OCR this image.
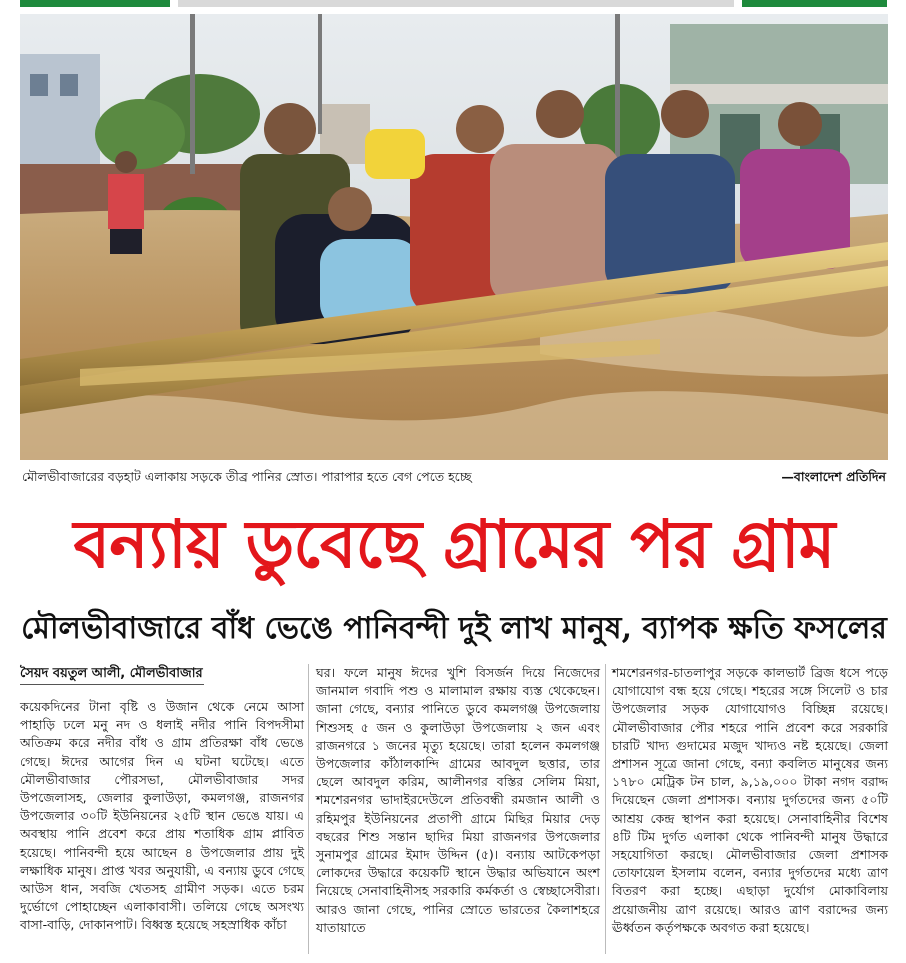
মৌলভীবাজারের বড়হাট এলাকায় সড়কে তীব্র পানির স্রোত। পারাপার হতে বেগ পেতে হচ্ছে	—বাংলাদেশ প্রতিদিন
বন্যায় ডুবেছে গ্রামের পর গ্রাম
মৌলভীবাজারে বাঁধ ভেঙে পানিবন্দী দুই লাখ মানুষ, ব্যাপক ক্ষতি ফসলের
সৈয়দ বয়তুল আলী, মৌলভীবাজার

কয়েকদিনের টানা বৃষ্টি ও উজান থেকে নেমে আসা পাহাড়ি ঢলে মনু নদ ও ধলাই নদীর পানি বিপদসীমা অতিক্রম করে নদীর বাঁধ ও গ্রাম প্রতিরক্ষা বাঁধ ভেঙে গেছে। ঈদের আগের দিন এ ঘটনা ঘটেছে। এতে মৌলভীবাজার পৌরসভা, মৌলভীবাজার সদর উপজেলাসহ, জেলার কুলাউড়া, কমলগঞ্জ, রাজনগর উপজেলার ৩০টি ইউনিয়নের ২৫টি স্থান ভেঙে যায়। এ অবস্থায় পানি প্রবেশ করে প্রায় শতাধিক গ্রাম প্লাবিত হয়েছে। পানিবন্দী হয়ে আছেন ৪ উপজেলার প্রায় দুই লক্ষাধিক মানুষ। প্রাপ্ত খবর অনুযায়ী, এ বন্যায় ডুবে গেছে আউস ধান, সবজি খেতসহ গ্রামীণ সড়ক। এতে চরম দুর্ভোগে পোহাচ্ছেন এলাকাবাসী। তলিয়ে গেছে অসংখ্য বাসা-বাড়ি, দোকানপাট। বিধ্বস্ত হয়েছে সহস্রাধিক কাঁচা

ঘর। ফলে মানুষ ঈদের খুশি বিসর্জন দিয়ে নিজেদের জানমাল গবাদি পশু ও মালামাল রক্ষায় ব্যস্ত থেকেছেন। জানা গেছে, বন্যার পানিতে ডুবে কমলগঞ্জ উপজেলায় শিশুসহ ৫ জন ও কুলাউড়া উপজেলায় ২ জন এবং রাজনগরে ১ জনের মৃত্যু হয়েছে। তারা হলেন কমলগঞ্জ উপজেলার কাঁঠালকান্দি গ্রামের আবদুল ছত্তার, তার ছেলে আবদুল করিম, আলীনগর বস্তির সেলিম মিয়া, শমশেরনগর ভাদাইরদেউলে প্রতিবন্ধী রমজান আলী ও রহিমপুর ইউনিয়নের প্রতাপী গ্রামে মিছির মিয়ার দেড় বছরের শিশু সন্তান ছাদির মিয়া রাজনগর উপজেলার সুনামপুর গ্রামের ইমাদ উদ্দিন (৫)। বন্যায় আটকেপড়া লোকদের উদ্ধারে কয়েকটি স্থানে উদ্ধার অভিযানে অংশ নিয়েছে সেনাবাহিনীসহ সরকারি কর্মকর্তা ও স্বেচ্ছাসেবীরা। আরও জানা গেছে, পানির স্রোতে ভারতের কৈলাশহরে যাতায়াতে

শমশেরনগর-চাতলাপুর সড়কে কালভার্ট ব্রিজ ধসে পড়ে যোগাযোগ বন্ধ হয়ে গেছে। শহরের সঙ্গে সিলেট ও চার উপজেলার সড়ক যোগাযোগও বিচ্ছিন্ন রয়েছে। মৌলভীবাজার পৌর শহরে পানি প্রবেশ করে সরকারি চারটি খাদ্য গুদামের মজুদ খাদ্যও নষ্ট হয়েছে। জেলা প্রশাসন সূত্রে জানা গেছে, বন্যা কবলিত মানুষের জন্য ১৭৮০ মেট্রিক টন চাল, ৯,১৯,০০০ টাকা নগদ বরাদ্দ দিয়েছেন জেলা প্রশাসক। বন্যায় দুর্গতদের জন্য ৫০টি আশ্রয় কেন্দ্র স্থাপন করা হয়েছে। সেনাবাহিনীর বিশেষ ৪টি টিম দুর্গত এলাকা থেকে পানিবন্দী মানুষ উদ্ধারে সহযোগিতা করছে। মৌলভীবাজার জেলা প্রশাসক তোফায়েল ইসলাম বলেন, বন্যার দুর্গতদের মধ্যে ত্রাণ বিতরণ করা হচ্ছে। এছাড়া দুর্যোগ মোকাবিলায় প্রয়োজনীয় ত্রাণ রয়েছে। আরও ত্রাণ বরাদ্দের জন্য ঊর্ধ্বতন কর্তৃপক্ষকে অবগত করা হয়েছে।
